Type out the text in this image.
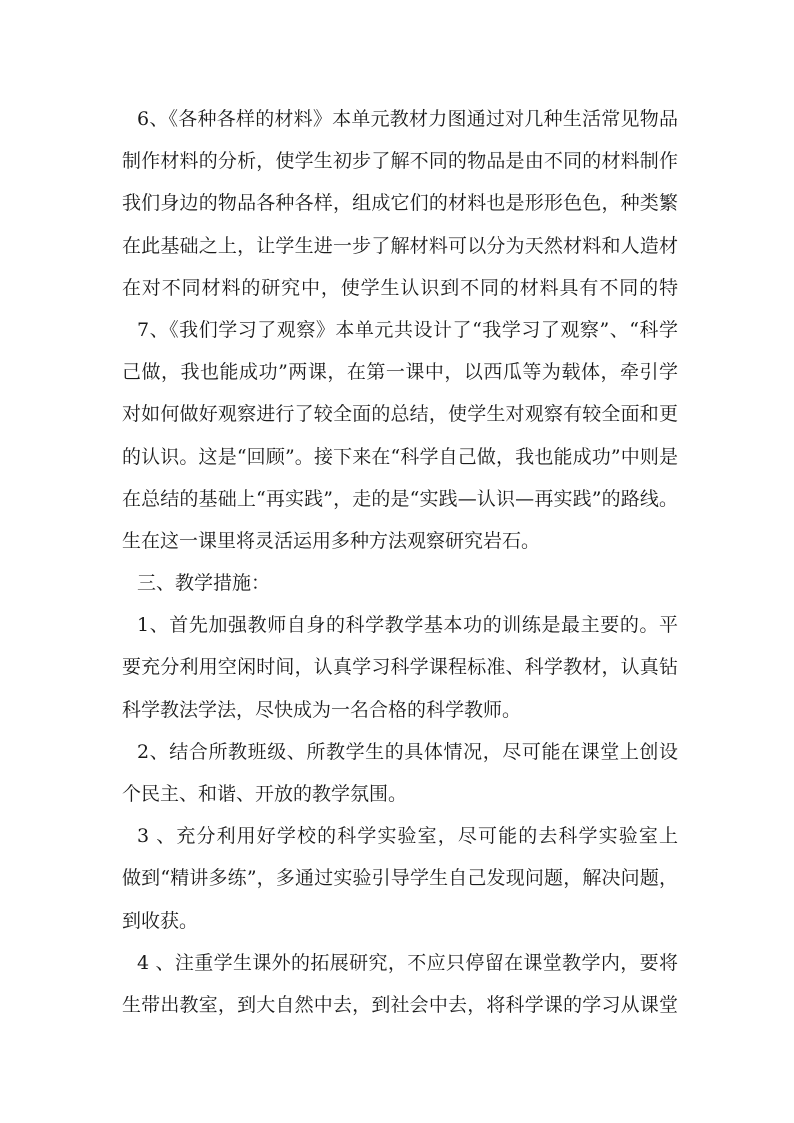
6、《各种各样的材料》本单元教材力图通过对几种生活常见物品
制作材料的分析，使学生初步了解不同的物品是由不同的材料制作
我们身边的物品各种各样，组成它们的材料也是形形色色，种类繁
在此基础之上，让学生进一步了解材料可以分为天然材料和人造材
在对不同材料的研究中，使学生认识到不同的材料具有不同的特
7、《我们学习了观察》本单元共设计了“我学习了观察”、“科学
己做，我也能成功”两课，在第一课中，以西瓜等为载体，牵引学
对如何做好观察进行了较全面的总结，使学生对观察有较全面和更
的认识。这是“回顾”。接下来在“科学自己做，我也能成功”中则是
在总结的基础上“再实践”，走的是“实践—认识—再实践”的路线。
生在这一课里将灵活运用多种方法观察研究岩石。
三、教学措施：
1、首先加强教师自身的科学教学基本功的训练是最主要的。平
要充分利用空闲时间，认真学习科学课程标准、科学教材，认真钻
科学教法学法，尽快成为一名合格的科学教师。
2、结合所教班级、所教学生的具体情况，尽可能在课堂上创设
个民主、和谐、开放的教学氛围。
3 、充分利用好学校的科学实验室，尽可能的去科学实验室上
做到“精讲多练”，多通过实验引导学生自己发现问题，解决问题，
到收获。
4 、注重学生课外的拓展研究，不应只停留在课堂教学内，要将
生带出教室，到大自然中去，到社会中去，将科学课的学习从课堂
